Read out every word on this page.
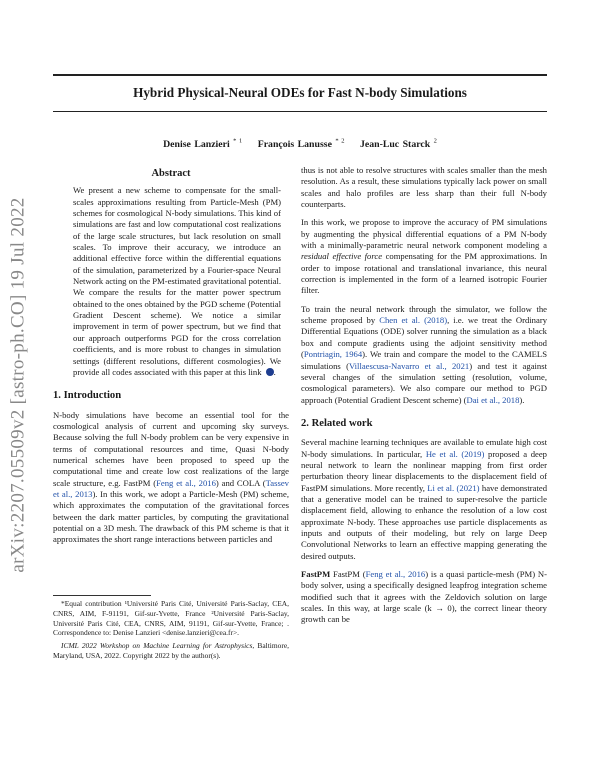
arXiv:2207.05509v2 [astro-ph.CO] 19 Jul 2022
Hybrid Physical-Neural ODEs for Fast N-body Simulations
Denise Lanzieri $^{* 1}$ François Lanusse $^{* 2}$ Jean-Luc Starck $^2$
Abstract

We present a new scheme to compensate for the small-scales approximations resulting from Particle-Mesh (PM) schemes for cosmological N-body simulations. This kind of simulations are fast and low computational cost realizations of the large scale structures, but lack resolution on small scales. To improve their accuracy, we introduce an additional effective force within the differential equations of the simulation, parameterized by a Fourier-space Neural Network acting on the PM-estimated gravitational potential. We compare the results for the matter power spectrum obtained to the ones obtained by the PGD scheme (Potential Gradient Descent scheme). We notice a similar improvement in term of power spectrum, but we find that our approach outperforms PGD for the cross correlation coefficients, and is more robust to changes in simulation settings (different resolutions, different cosmologies). We provide all codes associated with this paper at this link .

1. Introduction

N-body simulations have become an essential tool for the cosmological analysis of current and upcoming sky surveys. Because solving the full N-body problem can be very expensive in terms of computational resources and time, Quasi N-body numerical schemes have been proposed to speed up the computational time and create low cost realizations of the large scale structure, e.g. FastPM (Feng et al., 2016) and COLA (Tassev et al., 2013). In this work, we adopt a Particle-Mesh (PM) scheme, which approximates the computation of the gravitational forces between the dark matter particles, by computing the gravitational potential on a 3D mesh. The drawback of this PM scheme is that it approximates the short range interactions between particles and

*Equal contribution ¹Université Paris Cité, Université Paris-Saclay, CEA, CNRS, AIM, F-91191, Gif-sur-Yvette, France ²Université Paris-Saclay, Université Paris Cité, CEA, CNRS, AIM, 91191, Gif-sur-Yvette, France; . Correspondence to: Denise Lanzieri <denise.lanzieri@cea.fr>.

ICML 2022 Workshop on Machine Learning for Astrophysics, Baltimore, Maryland, USA, 2022. Copyright 2022 by the author(s).

thus is not able to resolve structures with scales smaller than the mesh resolution. As a result, these simulations typically lack power on small scales and halo profiles are less sharp than their full N-body counterparts.

In this work, we propose to improve the accuracy of PM simulations by augmenting the physical differential equations of a PM N-body with a minimally-parametric neural network component modeling a residual effective force compensating for the PM approximations. In order to impose rotational and translational invariance, this neural correction is implemented in the form of a learned isotropic Fourier filter.

To train the neural network through the simulator, we follow the scheme proposed by Chen et al. (2018), i.e. we treat the Ordinary Differential Equations (ODE) solver running the simulation as a black box and compute gradients using the adjoint sensitivity method (Pontriagin, 1964). We train and compare the model to the CAMELS simulations (Villaescusa-Navarro et al., 2021) and test it against several changes of the simulation setting (resolution, volume, cosmological parameters). We also compare our method to PGD approach (Potential Gradient Descent scheme) (Dai et al., 2018).

2. Related work

Several machine learning techniques are available to emulate high cost N-body simulations. In particular, He et al. (2019) proposed a deep neural network to learn the nonlinear mapping from first order perturbation theory linear displacements to the displacement field of FastPM simulations. More recently, Li et al. (2021) have demonstrated that a generative model can be trained to super-resolve the particle displacement field, allowing to enhance the resolution of a low cost approximate N-body. These approaches use particle displacements as inputs and outputs of their modeling, but rely on large Deep Convolutional Networks to learn an effective mapping generating the desired outputs.

FastPM FastPM (Feng et al., 2016) is a quasi particle-mesh (PM) N-body solver, using a specifically designed leapfrog integration scheme modified such that it agrees with the Zeldovich solution on large scales. In this way, at large scale (k → 0), the correct linear theory growth can be
